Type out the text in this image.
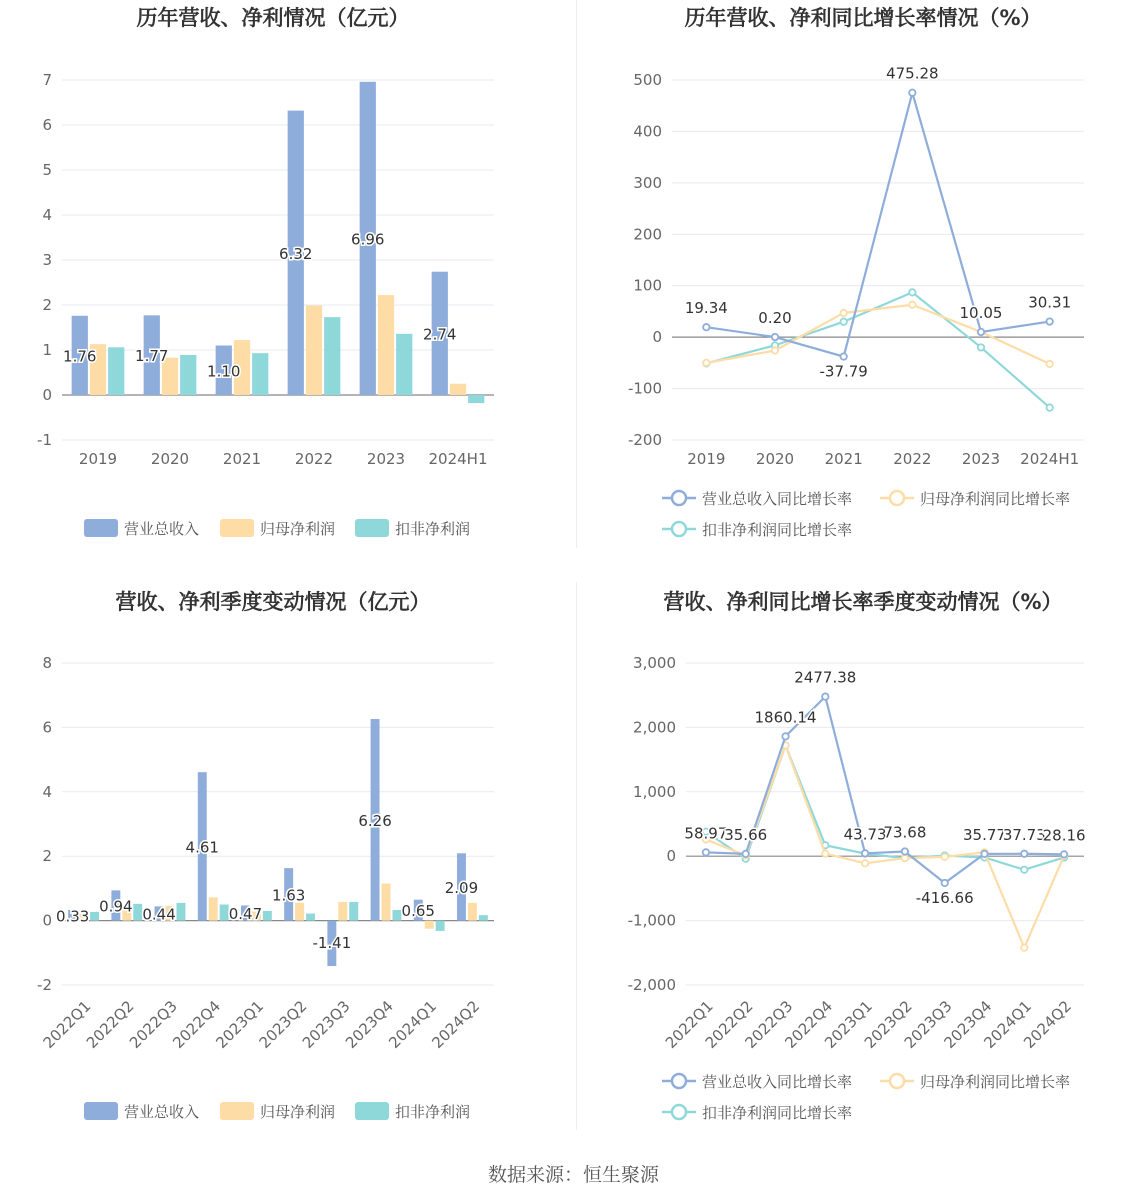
历年营收、净利情况（亿元）
-1
0
1
2
3
4
5
6
7
2019 2020 2021 2022 2023 2024H1
1.76	1.77
1.10
6.32
6.96
2.74
营业总收入	归母净利润	扣非净利润
历年营收、净利同比增长率情况（%）
-200
-100
0
100
200
300
400
500
2019 2020 2021 2022 2023 2024H1
19.34
0.20
-37.79
475.28
10.05
30.31
营业总收入同比增长率	归母净利润同比增长率
扣非净利润同比增长率
营收、净利季度变动情况（亿元）
-2
0
2
4
6
8
2022Q1
2022Q2
2022Q3
2022Q4
2023Q1
2023Q2
2023Q3
2023Q4
2024Q1
2024Q2
0.33
0.94 0.44
4.61
0.47
1.63
-1.41
6.26
0.65
2.09
营业总收入	归母净利润	扣非净利润
营收、净利同比增长率季度变动情况（%）
-2,000
-1,000
0
1,000
2,000
3,000
2022Q1
2022Q2
2022Q3
2022Q4
2023Q1
2023Q2
2023Q3
2023Q4
2024Q1
2024Q2
58.97
35.66
1860.14
2477.38
43.73
73.68
-416.66
35.77
37.73
28.16
营业总收入同比增长率	归母净利润同比增长率
扣非净利润同比增长率
数据来源：恒生聚源
